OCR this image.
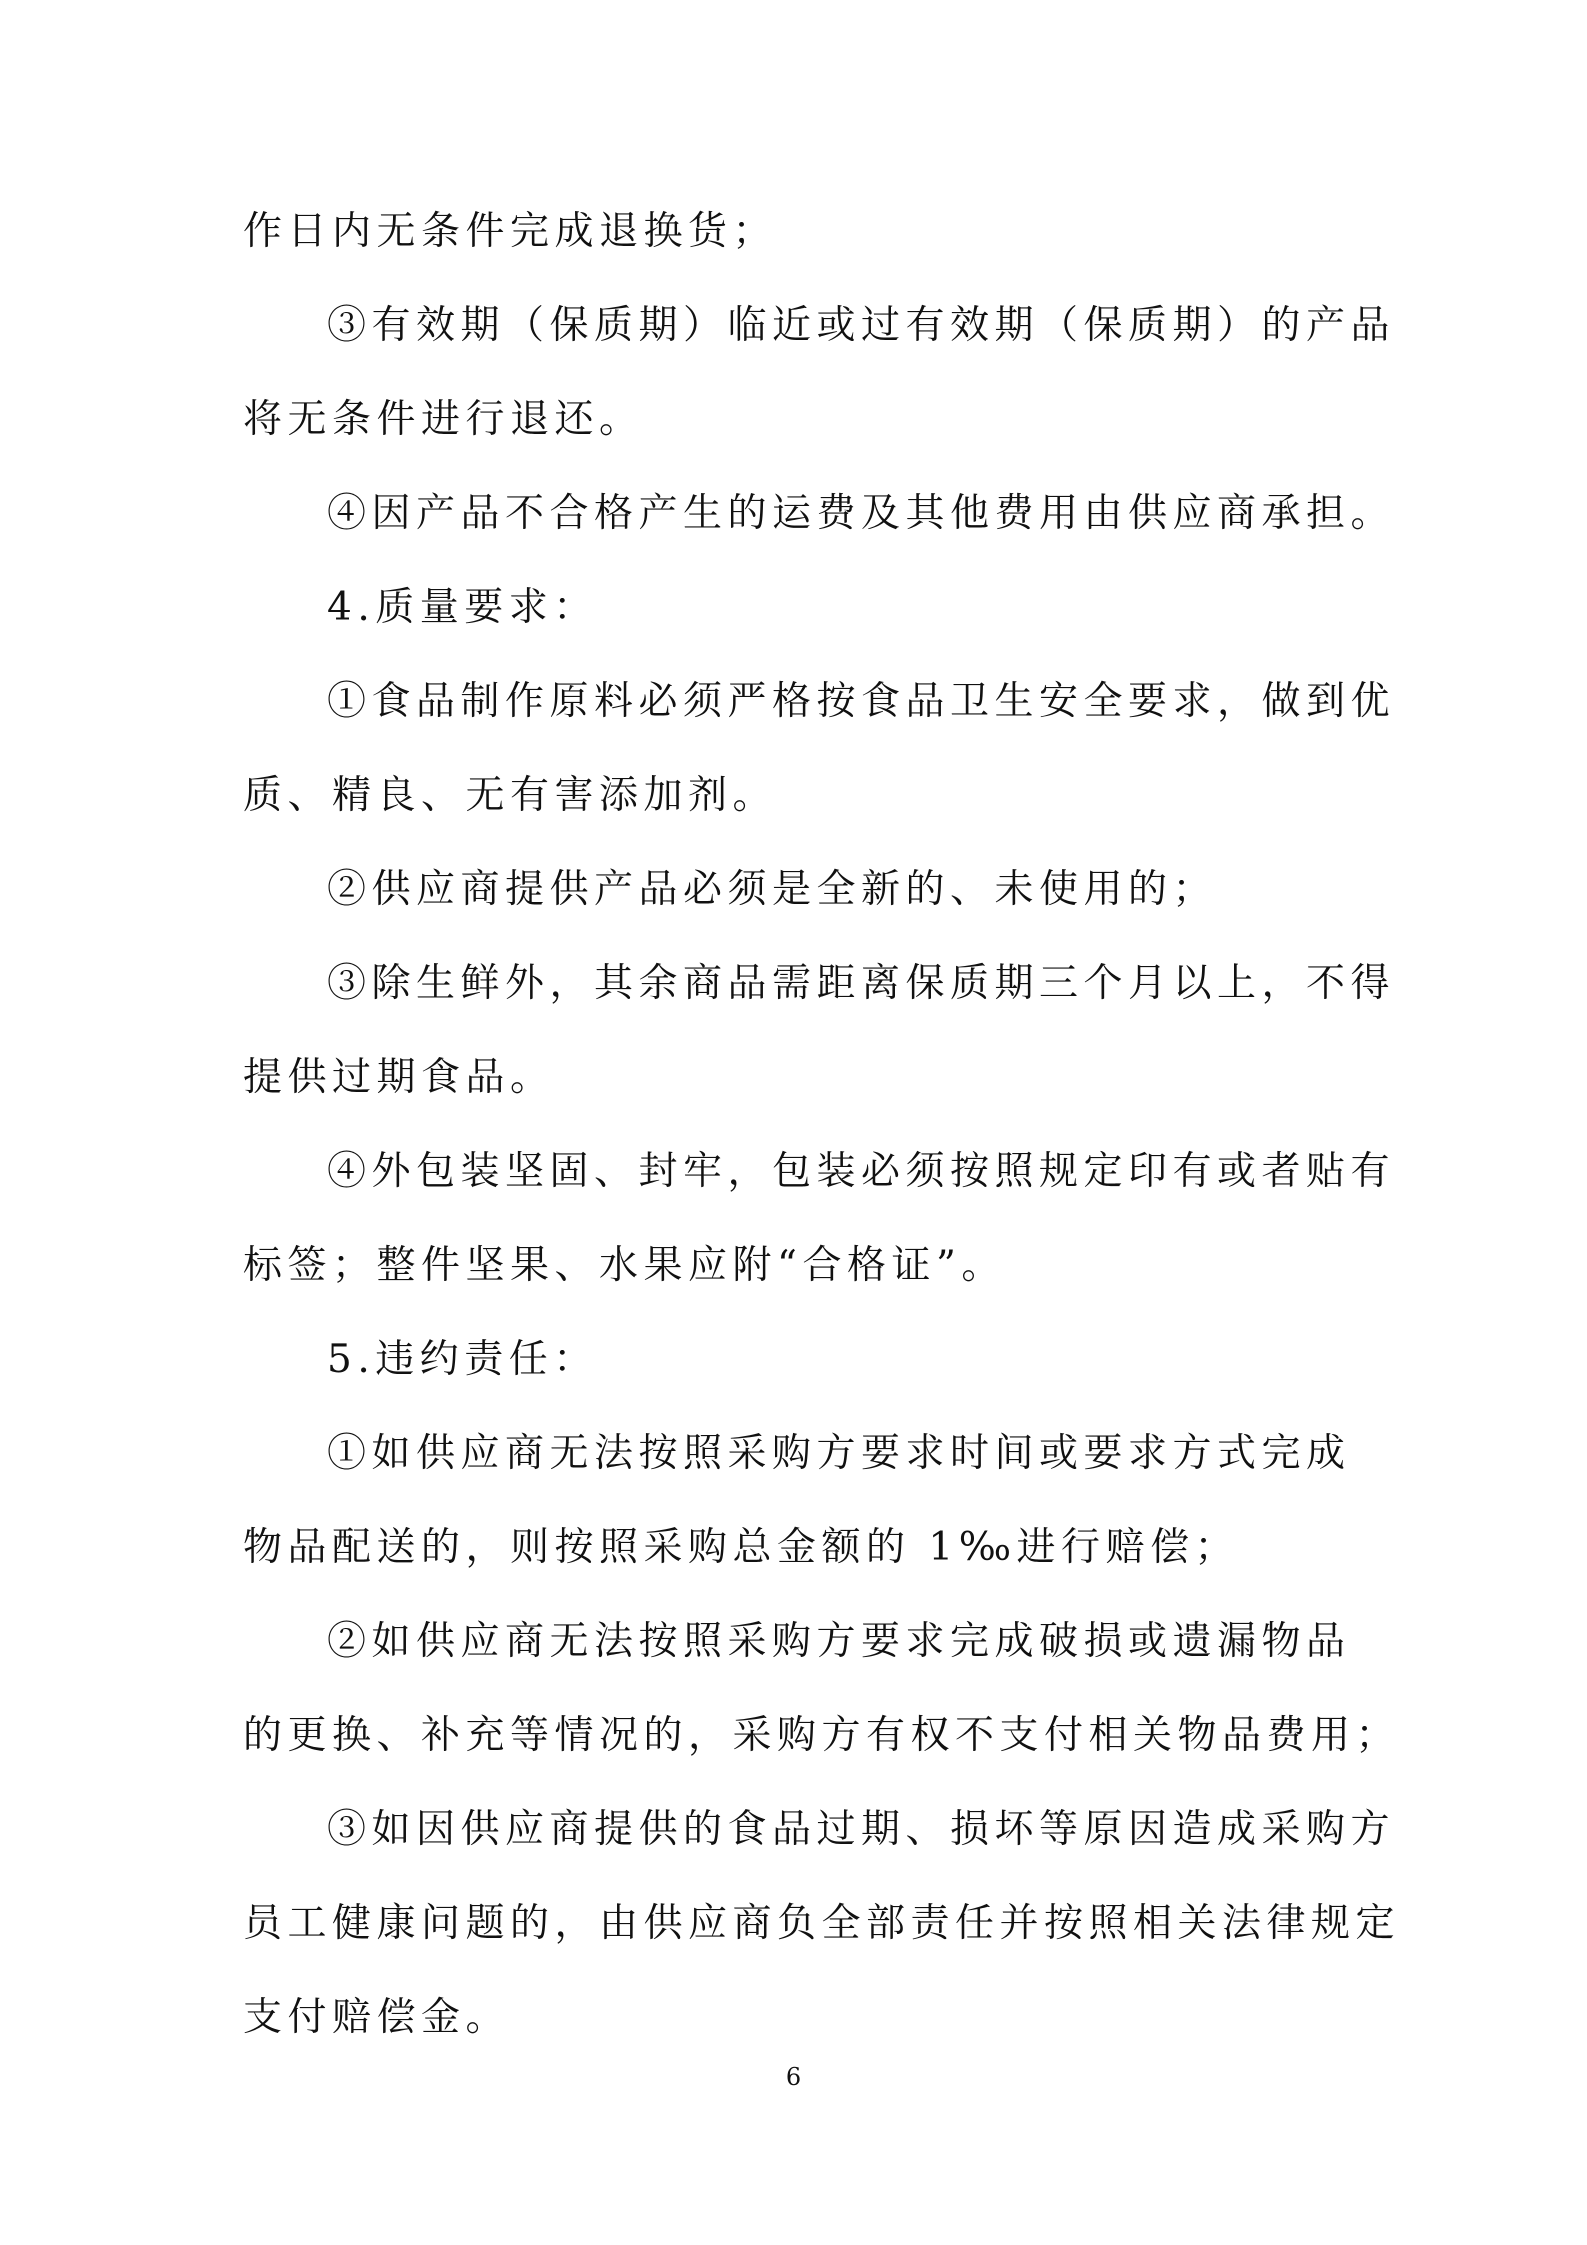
作日内无条件完成退换货；
③有效期（保质期）临近或过有效期（保质期）的产品
将无条件进行退还。
④因产品不合格产生的运费及其他费用由供应商承担。
4.质量要求：
①食品制作原料必须严格按食品卫生安全要求，做到优
质、精良、无有害添加剂。
②供应商提供产品必须是全新的、未使用的；
③除生鲜外，其余商品需距离保质期三个月以上，不得
提供过期食品。
④外包装坚固、封牢，包装必须按照规定印有或者贴有
标签；整件坚果、水果应附“合格证”。
5.违约责任：
①如供应商无法按照采购方要求时间或要求方式完成
物品配送的，则按照采购总金额的 1‰进行赔偿；
②如供应商无法按照采购方要求完成破损或遗漏物品
的更换、补充等情况的，采购方有权不支付相关物品费用；
③如因供应商提供的食品过期、损坏等原因造成采购方
员工健康问题的，由供应商负全部责任并按照相关法律规定
支付赔偿金。
6
